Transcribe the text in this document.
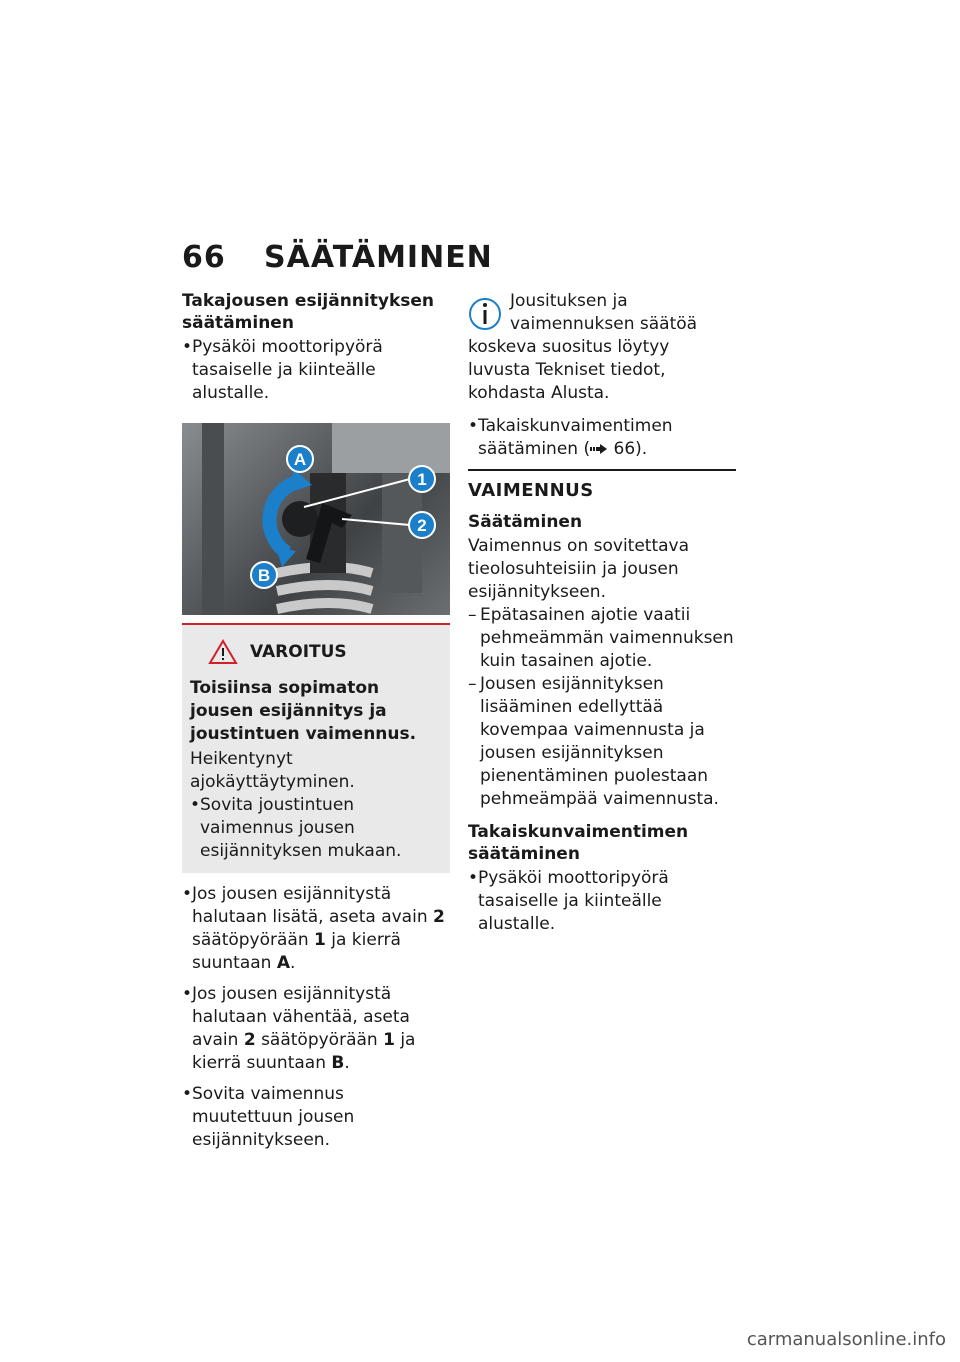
66 SÄÄTÄMINEN
Takajousen esijännityksen säätäminen
• Pysäköi moottoripyörä tasaiselle ja kiinteälle alustalle.
A
B
1
2
VAROITUS

Toisiinsa sopimaton jousen esijännitys ja joustintuen vaimennus.

Heikentynyt ajokäyttäytyminen.

• Sovita joustintuen vaimennus jousen esijännityksen mukaan.
• Jos jousen esijännitystä halutaan lisätä, aseta avain 2 säätöpyörään 1 ja kierrä suuntaan A.
• Jos jousen esijännitystä halutaan vähentää, aseta avain 2 säätöpyörään 1 ja kierrä suuntaan B.
• Sovita vaimennus muutettuun jousen esijännitykseen.

Jousituksen ja vaimennuksen säätöä koskeva suositus löytyy luvusta Tekniset tiedot, kohdasta Alusta.

• Takaiskunvaimentimen säätäminen ( 66).
VAIMENNUS
Säätäminen

Vaimennus on sovitettava tieolosuhteisiin ja jousen esijännitykseen.

– Epätasainen ajotie vaatii pehmeämmän vaimennuksen kuin tasainen ajotie.
– Jousen esijännityksen lisääminen edellyttää kovempaa vaimennusta ja jousen esijännityksen pienentäminen puolestaan pehmeämpää vaimennusta.
Takaiskunvaimentimen säätäminen
• Pysäköi moottoripyörä tasaiselle ja kiinteälle alustalle.
carmanualsonline.info
